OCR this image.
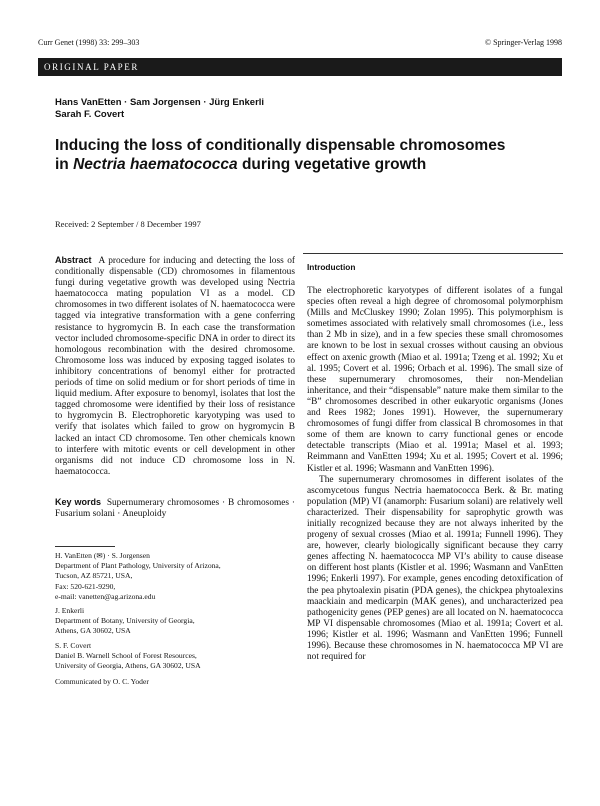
Curr Genet (1998) 33: 299–303	© Springer-Verlag 1998
ORIGINAL PAPER
Hans VanEtten · Sam Jorgensen · Jürg Enkerli
Sarah F. Covert
Inducing the loss of conditionally dispensable chromosomes
in Nectria haematococca during vegetative growth
Received: 2 September / 8 December 1997

Abstract A procedure for inducing and detecting the loss of conditionally dispensable (CD) chromosomes in filamentous fungi during vegetative growth was developed using Nectria haematococca mating population VI as a model. CD chromosomes in two different isolates of N. haematococca were tagged via integrative transformation with a gene conferring resistance to hygromycin B. In each case the transformation vector included chromosome-specific DNA in order to direct its homologous recombination with the desired chromosome. Chromosome loss was induced by exposing tagged isolates to inhibitory concentrations of benomyl either for protracted periods of time on solid medium or for short periods of time in liquid medium. After exposure to benomyl, isolates that lost the tagged chromosome were identified by their loss of resistance to hygromycin B. Electrophoretic karyotyping was used to verify that isolates which failed to grow on hygromycin B lacked an intact CD chromosome. Ten other chemicals known to interfere with mitotic events or cell development in other organisms did not induce CD chromosome loss in N. haematococca.

Key words Supernumerary chromosomes · B chromosomes · Fusarium solani · Aneuploidy

H. VanEtten (✉) · S. Jorgensen
Department of Plant Pathology, University of Arizona,
Tucson, AZ 85721, USA,
Fax: 520-621-9290,
e-mail: vanetten@ag.arizona.edu

J. Enkerli
Department of Botany, University of Georgia,
Athens, GA 30602, USA

S. F. Covert
Daniel B. Warnell School of Forest Resources,
University of Georgia, Athens, GA 30602, USA

Communicated by O. C. Yoder

Introduction

The electrophoretic karyotypes of different isolates of a fungal species often reveal a high degree of chromosomal polymorphism (Mills and McCluskey 1990; Zolan 1995). This polymorphism is sometimes associated with relatively small chromosomes (i.e., less than 2 Mb in size), and in a few species these small chromosomes are known to be lost in sexual crosses without causing an obvious effect on axenic growth (Miao et al. 1991a; Tzeng et al. 1992; Xu et al. 1995; Covert et al. 1996; Orbach et al. 1996). The small size of these supernumerary chromosomes, their non-Mendelian inheritance, and their “dispensable” nature make them similar to the “B” chromosomes described in other eukaryotic organisms (Jones and Rees 1982; Jones 1991). However, the supernumerary chromosomes of fungi differ from classical B chromosomes in that some of them are known to carry functional genes or encode detectable transcripts (Miao et al. 1991a; Masel et al. 1993; Reimmann and VanEtten 1994; Xu et al. 1995; Covert et al. 1996; Kistler et al. 1996; Wasmann and VanEtten 1996).

The supernumerary chromosomes in different isolates of the ascomycetous fungus Nectria haematococca Berk. & Br. mating population (MP) VI (anamorph: Fusarium solani) are relatively well characterized. Their dispensability for saprophytic growth was initially recognized because they are not always inherited by the progeny of sexual crosses (Miao et al. 1991a; Funnell 1996). They are, however, clearly biologically significant because they carry genes affecting N. haematococca MP VI’s ability to cause disease on different host plants (Kistler et al. 1996; Wasmann and VanEtten 1996; Enkerli 1997). For example, genes encoding detoxification of the pea phytoalexin pisatin (PDA genes), the chickpea phytoalexins maackiain and medicarpin (MAK genes), and uncharacterized pea pathogenicity genes (PEP genes) are all located on N. haematococca MP VI dispensable chromosomes (Miao et al. 1991a; Covert et al. 1996; Kistler et al. 1996; Wasmann and VanEtten 1996; Funnell 1996). Because these chromosomes in N. haematococca MP VI are not required for
